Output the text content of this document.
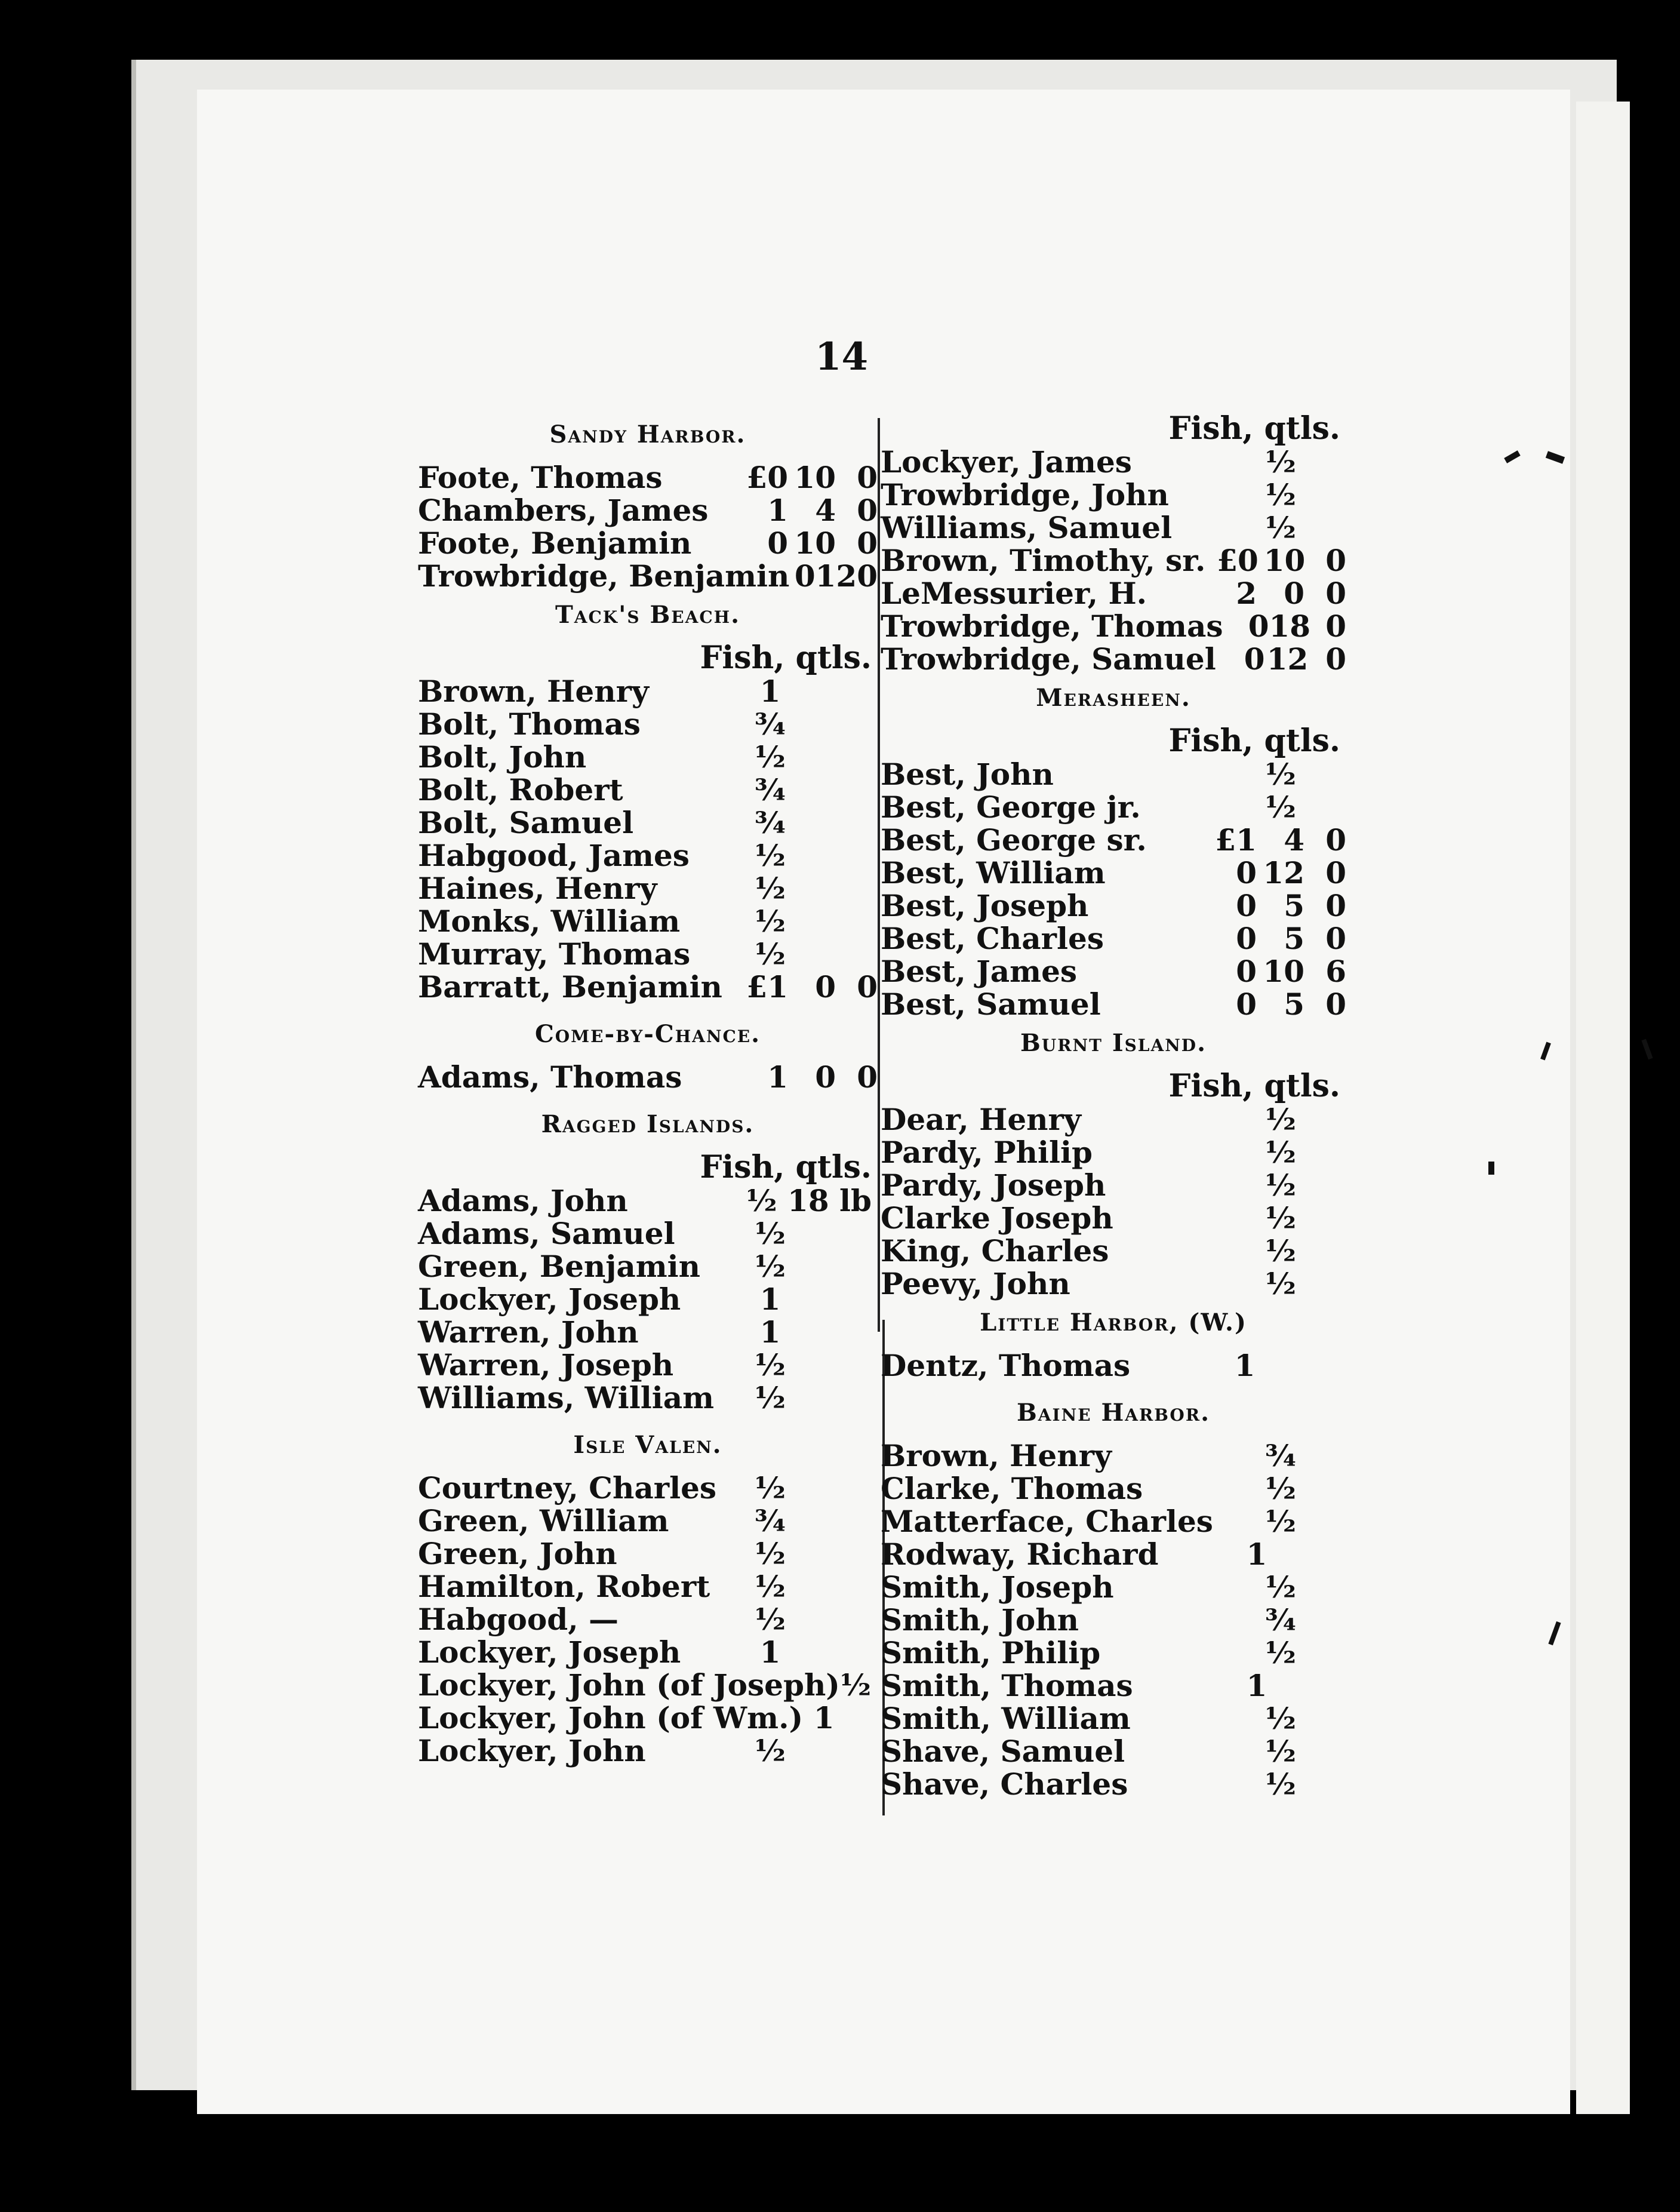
14
Sandy Harbor.
Foote, Thomas	£0 10 0
Chambers, James	1 4 0
Foote, Benjamin	0 10 0
Trowbridge, Benjamin 0 12 0
Tack's Beach.
Fish, qtls.
Brown, Henry	1
Bolt, Thomas	¾
Bolt, John	½
Bolt, Robert	¾
Bolt, Samuel	¾
Habgood, James	½
Haines, Henry	½
Monks, William	½
Murray, Thomas	½
Barratt, Benjamin £1 0 0
Come-by-Chance.
Adams, Thomas	1 0 0
Ragged Islands.
Fish, qtls.
Adams, John	½ 18 lb
Adams, Samuel	½
Green, Benjamin	½
Lockyer, Joseph	1
Warren, John	1
Warren, Joseph	½
Williams, William	½
Isle Valen.
Courtney, Charles	½
Green, William	¾
Green, John	½
Hamilton, Robert	½
Habgood, —	½
Lockyer, Joseph	1
Lockyer, John (of Joseph) ½
Lockyer, John (of Wm.) 1
Lockyer, John	½
Fish, qtls.
Lockyer, James	½
Trowbridge, John	½
Williams, Samuel	½
Brown, Timothy, sr. £0 10 0
LeMessurier, H.	2 0 0
Trowbridge, Thomas 0 18 0
Trowbridge, Samuel 0 12 0
Merasheen.
Fish, qtls.
Best, John	½
Best, George jr.	½
Best, George sr.	£1 4 0
Best, William	0 12 0
Best, Joseph	0 5 0
Best, Charles	0 5 0
Best, James	0 10 6
Best, Samuel	0 5 0
Burnt Island.
Fish, qtls.
Dear, Henry	½
Pardy, Philip	½
Pardy, Joseph	½
Clarke Joseph	½
King, Charles	½
Peevy, John	½
Little Harbor, (W.)
Dentz, Thomas	1
Baine Harbor.
Brown, Henry	¾
Clarke, Thomas	½
Matterface, Charles	½
Rodway, Richard	1
Smith, Joseph	½
Smith, John	¾
Smith, Philip	½
Smith, Thomas	1
Smith, William	½
Shave, Samuel	½
Shave, Charles	½
